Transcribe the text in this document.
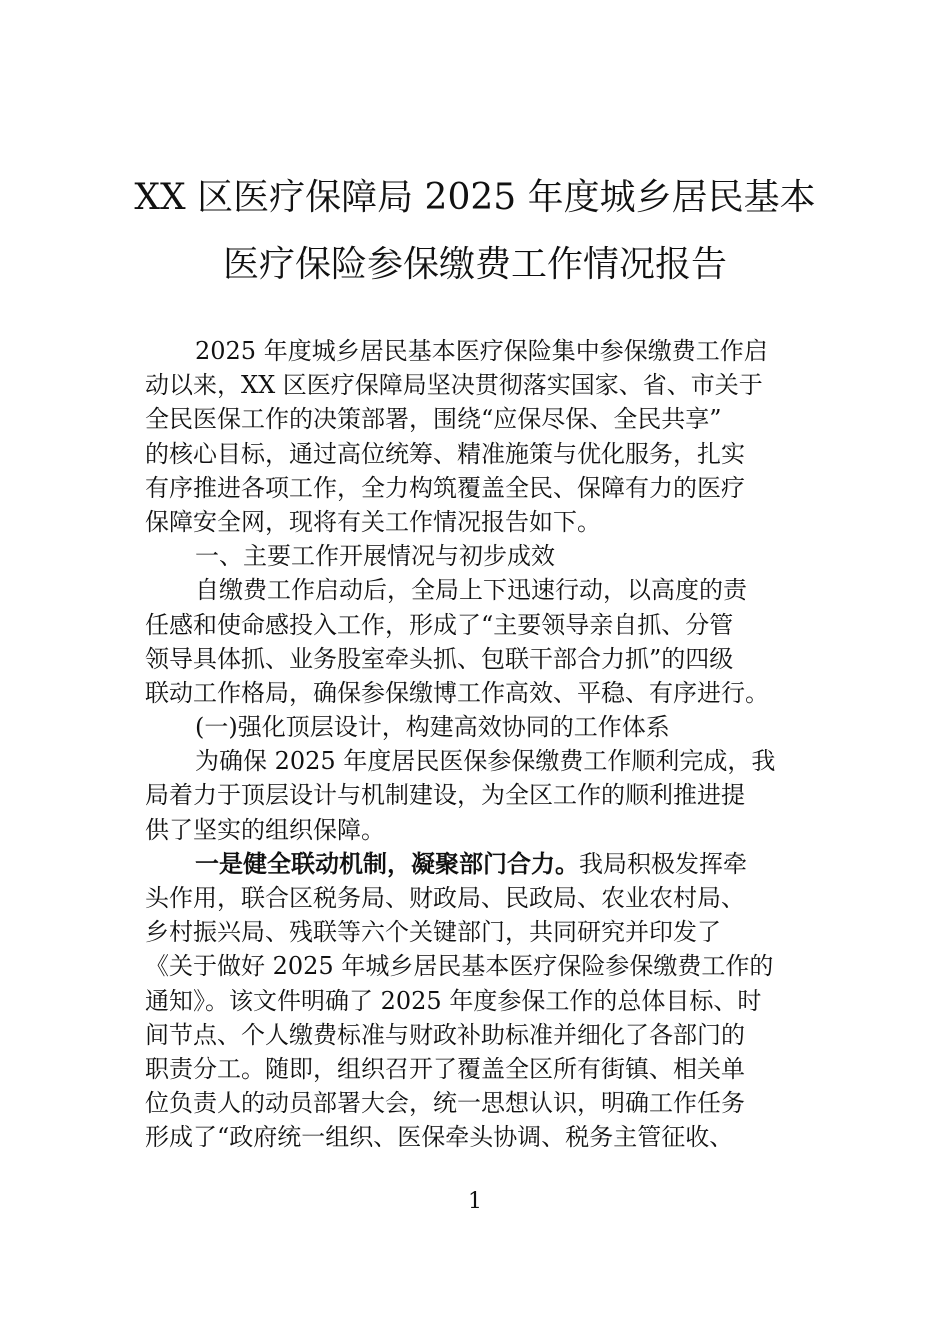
XX 区医疗保障局 2025 年度城乡居民基本
医疗保险参保缴费工作情况报告
2025 年度城乡居民基本医疗保险集中参保缴费工作启
动以来，XX 区医疗保障局坚决贯彻落实国家、省、市关于
全民医保工作的决策部署，围绕“应保尽保、全民共享”
的核心目标，通过高位统筹、精准施策与优化服务，扎实
有序推进各项工作，全力构筑覆盖全民、保障有力的医疗
保障安全网，现将有关工作情况报告如下。
一、主要工作开展情况与初步成效
自缴费工作启动后，全局上下迅速行动，以高度的责
任感和使命感投入工作，形成了“主要领导亲自抓、分管
领导具体抓、业务股室牵头抓、包联干部合力抓”的四级
联动工作格局，确保参保缴博工作高效、平稳、有序进行。
(一)强化顶层设计，构建高效协同的工作体系
为确保 2025 年度居民医保参保缴费工作顺利完成，我
局着力于顶层设计与机制建设，为全区工作的顺利推进提
供了坚实的组织保障。
一是健全联动机制，凝聚部门合力。我局积极发挥牵
头作用，联合区税务局、财政局、民政局、农业农村局、
乡村振兴局、残联等六个关键部门，共同研究并印发了
《关于做好 2025 年城乡居民基本医疗保险参保缴费工作的
通知》。该文件明确了 2025 年度参保工作的总体目标、时
间节点、个人缴费标准与财政补助标准并细化了各部门的
职责分工。随即，组织召开了覆盖全区所有街镇、相关单
位负责人的动员部署大会，统一思想认识，明确工作任务
形成了“政府统一组织、医保牵头协调、税务主管征收、
1
